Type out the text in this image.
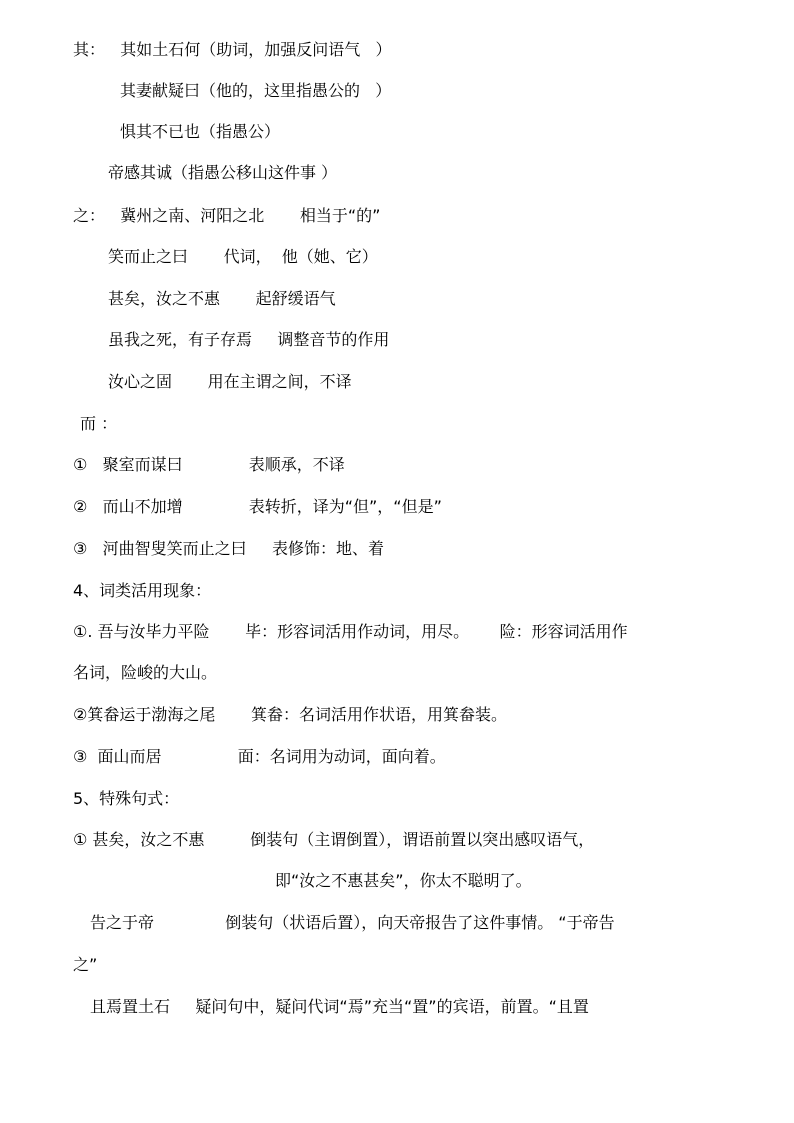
其：   其如土石何（助词，加强反问语气   ）
其妻献疑曰（他的，这里指愚公的   ）
惧其不已也（指愚公）
帝感其诚（指愚公移山这件事 ）
之：   冀州之南、河阳之北       相当于“的”
笑而止之曰       代词，  他（她、它）
甚矣，汝之不惠       起舒缓语气
虽我之死，有子存焉     调整音节的作用
汝心之固       用在主谓之间，不译
而 ：
①   聚室而谋曰             表顺承，不译
②   而山不加增             表转折，译为“但”，“但是”
③   河曲智叟笑而止之曰     表修饰：地、着
4、词类活用现象：
①. 吾与汝毕力平险       毕：形容词活用作动词，用尽。      险：形容词活用作
名词，险峻的大山。
②箕畚运于渤海之尾       箕畚：名词活用作状语，用箕畚装。
③  面山而居               面：名词用为动词，面向着。
5、特殊句式：
① 甚矣，汝之不惠         倒装句（主谓倒置），谓语前置以突出感叹语气，
即“汝之不惠甚矣”，你太不聪明了。
告之于帝              倒装句（状语后置），向天帝报告了这件事情。 “于帝告
之”
且焉置土石     疑问句中，疑问代词“焉”充当“置”的宾语，前置。“且置
